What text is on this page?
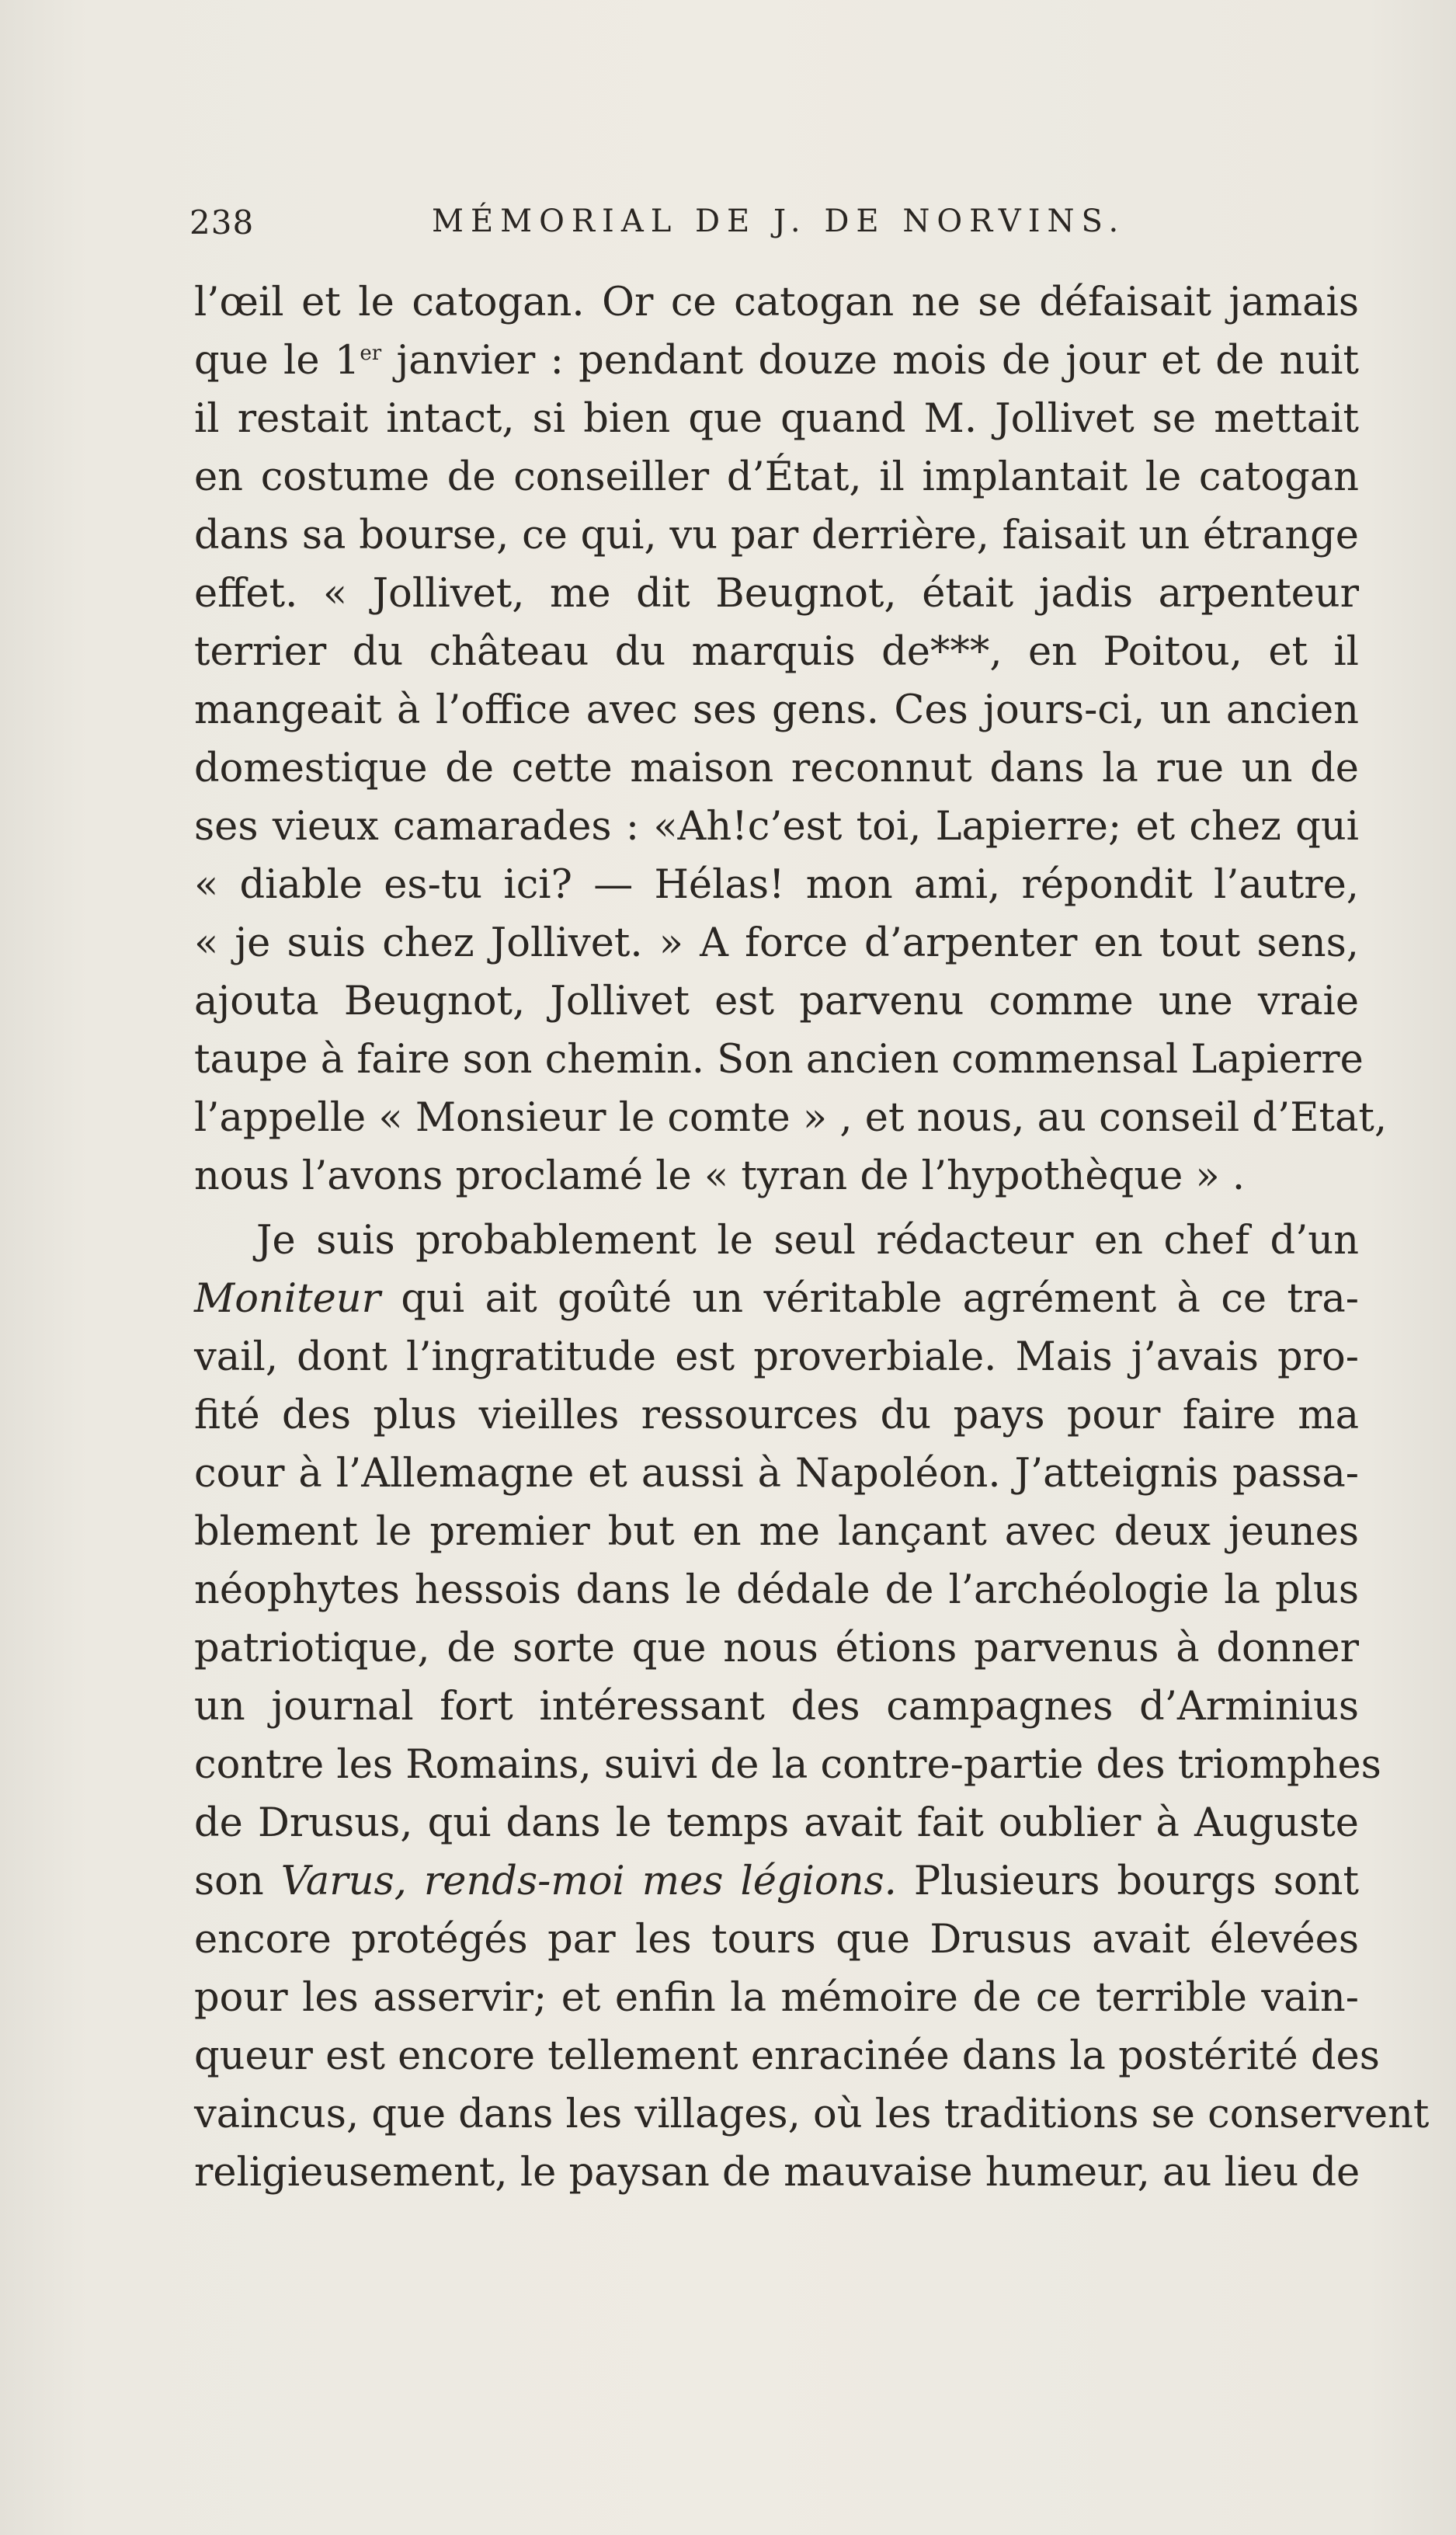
238	MÉMORIAL DE J. DE NORVINS.
l’œil et le catogan. Or ce catogan ne se défaisait jamais
que le 1er janvier : pendant douze mois de jour et de nuit
il restait intact, si bien que quand M. Jollivet se mettait
en costume de conseiller d’État, il implantait le catogan
dans sa bourse, ce qui, vu par derrière, faisait un étrange
effet. « Jollivet, me dit Beugnot, était jadis arpenteur
terrier du château du marquis de***, en Poitou, et il
mangeait à l’office avec ses gens. Ces jours-ci, un ancien
domestique de cette maison reconnut dans la rue un de
ses vieux camarades : «Ah!c’est toi, Lapierre; et chez qui
« diable es-tu ici? — Hélas! mon ami, répondit l’autre,
« je suis chez Jollivet. » A force d’arpenter en tout sens,
ajouta Beugnot, Jollivet est parvenu comme une vraie
taupe à faire son chemin. Son ancien commensal Lapierre
l’appelle « Monsieur le comte » , et nous, au conseil d’Etat,
nous l’avons proclamé le « tyran de l’hypothèque » .
Je suis probablement le seul rédacteur en chef d’un
Moniteur qui ait goûté un véritable agrément à ce tra-
vail, dont l’ingratitude est proverbiale. Mais j’avais pro-
fité des plus vieilles ressources du pays pour faire ma
cour à l’Allemagne et aussi à Napoléon. J’atteignis passa-
blement le premier but en me lançant avec deux jeunes
néophytes hessois dans le dédale de l’archéologie la plus
patriotique, de sorte que nous étions parvenus à donner
un journal fort intéressant des campagnes d’Arminius
contre les Romains, suivi de la contre-partie des triomphes
de Drusus, qui dans le temps avait fait oublier à Auguste
son Varus, rends-moi mes légions. Plusieurs bourgs sont
encore protégés par les tours que Drusus avait élevées
pour les asservir; et enfin la mémoire de ce terrible vain-
queur est encore tellement enracinée dans la postérité des
vaincus, que dans les villages, où les traditions se conservent
religieusement, le paysan de mauvaise humeur, au lieu de
